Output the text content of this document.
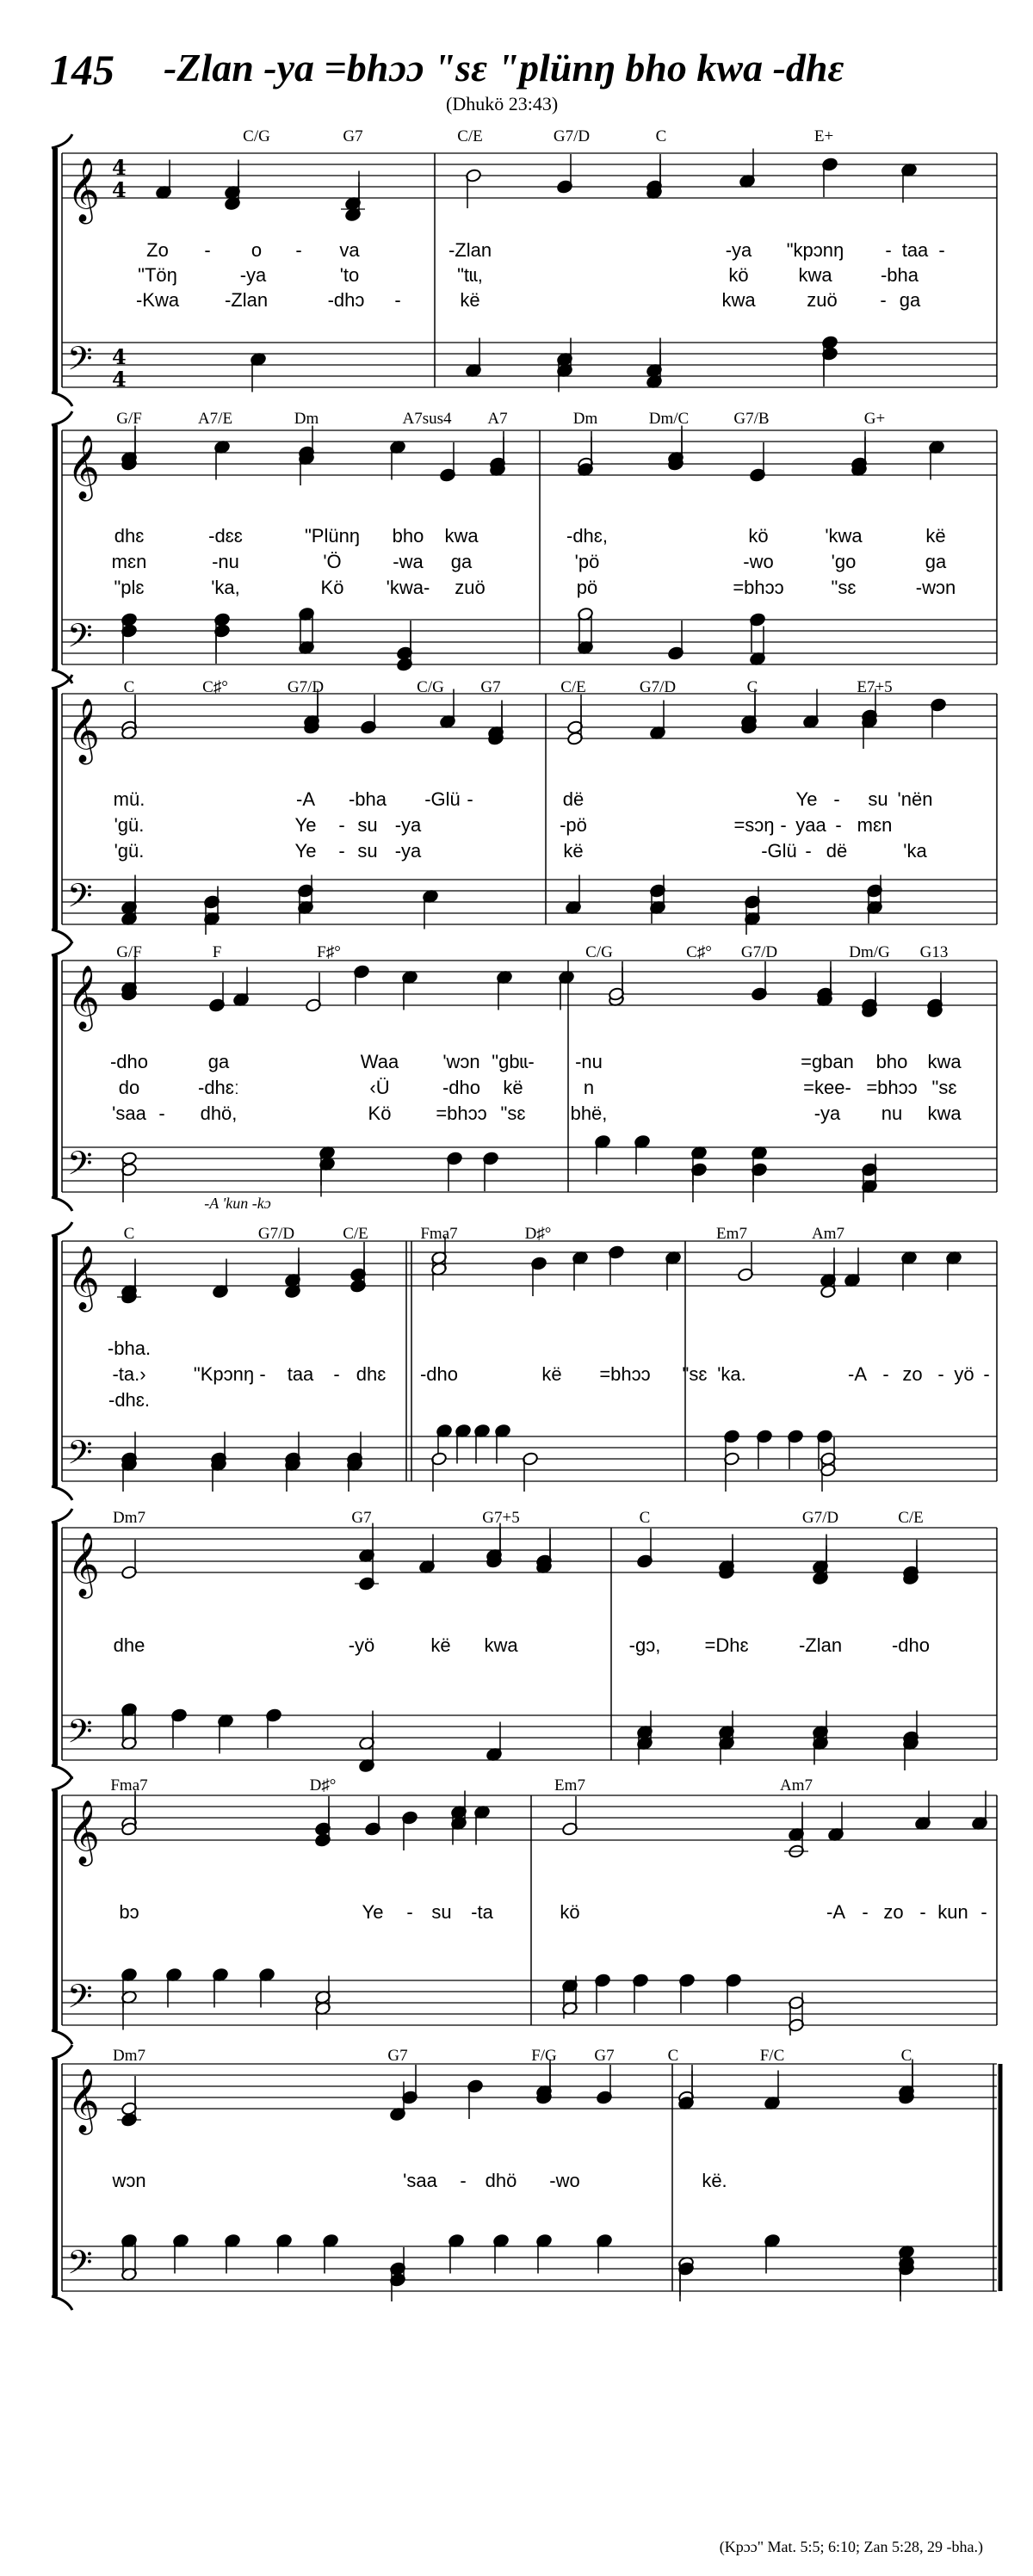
145 -Zlan -ya =bhɔɔ "sɛ "plünŋ bho kwa -dhɛ
(Dhukö 23:43)
𝄞 4
4
𝄢 4
4
C/G	G7	C/E	G7/D	C	E+
Zo - o - va	-Zlan	-ya "kpɔnŋ - taa -
"Töŋ	-ya	'to	"tɩɩ,	kö	kwa	-bha
-Kwa -Zlan	-dhɔ -	kë	kwa	zuö - ga
𝄞
𝄢
G/F	A7/E	Dm	A7sus4 A7	Dm	Dm/C	G7/B	G+
dhɛ	-dɛɛ	"Plünŋ bho kwa	-dhɛ,	kö	'kwa	kë
mɛn	-nu	'Ö	-wa ga	'pö	-wo	'go	ga
"plɛ	'ka,	Kö 'kwa- zuö	pö	=bhɔɔ "sɛ	-wɔn
𝄞
𝄢
C	C♯°	G7/D	C/G G7	C/E	G7/D	C	E7+5
mü.	-A -bha -Glü -	dë	Ye - su 'nën
'gü.	Ye - su -ya	-pö	=sɔŋ - yaa - mɛn
'gü.	Ye - su -ya	kë	-Glü - dë	'ka
𝄞
𝄢
G/F	F	F♯°	C/G	C♯° G7/D	Dm/G G13
-dho	ga	Waa 'wɔn "gbɩɩ- -nu	=gban bho kwa
do	-dhɛː	‹Ü	-dho kë	n	=kee- =bhɔɔ "sɛ
'saa - dhö,	Kö =bhɔɔ "sɛ bhë,	-ya nu kwa
𝄞
𝄢
C	G7/D	C/E	Fma7	D♯°	Em7	Am7
-A 'kun -kɔ
-bha.
-ta.›	"Kpɔnŋ - taa - dhɛ -dho	kë =bhɔɔ "sɛ 'ka.	-A - zo - yö -
-dhɛ.
𝄞
𝄢
Dm7	G7	G7+5	C	G7/D	C/E
dhe	-yö	kë kwa	-gɔ, =Dhɛ	-Zlan	-dho
𝄞
𝄢
Fma7	D♯°	Em7	Am7
bɔ	Ye - su -ta	kö	-A - zo - kun -
𝄞
𝄢
Dm7	G7	F/G G7	C	F/C	C
wɔn	'saa - dhö -wo	kë.
(Kpɔɔ" Mat. 5:5; 6:10; Zan 5:28, 29 -bha.)
